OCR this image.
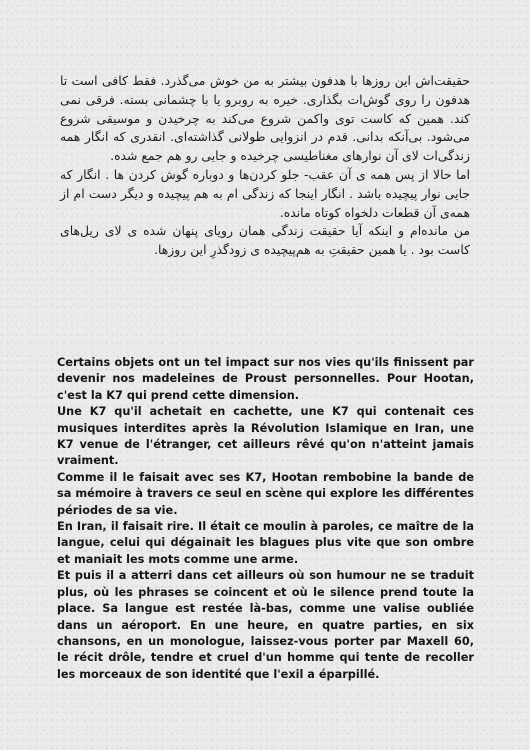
حقیقت‌اش این روزها با هدفون بیشتر به من خوش می‌گذرد. فقط کافی است تا هدفون را روی گوش‌ات بگذاری. خیره به روبرو یا با چشمانی بسته. فرقی نمی کند. همین که کاست توی واکمن شروع می‌کند به چرخیدن و موسیقی شروع می‌شود. بی‌آنکه بدانی. قدم در انزوایی طولانی گذاشته‌ای. انقدری که انگار همه زندگی‌ات لای آن نوارهای مغناطیسی چرخیده و جایی رو هم جمع شده.

اما حالا از پس همه ی آن عقب- جلو کردن‌ها و دوباره گوش کردن ها . انگار که جایی نوار پیچیده باشد . انگار اینجا که زندگی ام به هم پیچیده و دیگر دست ام از همه‌ی آن قطعات دلخواه کوتاه مانده.

من مانده‌ام و اینکه آیا حقیقت زندگی همان رویای پنهان شده‌ ی لای ریل‌های کاست بود . یا همین حقیقتِ به هم‌پیچیده ی زودگذرِ این روزها.

Certains objets ont un tel impact sur nos vies qu'ils finissent par devenir nos madeleines de Proust personnelles. Pour Hootan, c'est la K7 qui prend cette dimension.

Une K7 qu'il achetait en cachette, une K7 qui contenait ces musiques interdites après la Révolution Islamique en Iran, une K7 venue de l'étranger, cet ailleurs rêvé qu'on n'atteint jamais vraiment.

Comme il le faisait avec ses K7, Hootan rembobine la bande de sa mémoire à travers ce seul en scène qui explore les différentes périodes de sa vie.

En Iran, il faisait rire. Il était ce moulin à paroles, ce maître de la langue, celui qui dégainait les blagues plus vite que son ombre et maniait les mots comme une arme.

Et puis il a atterri dans cet ailleurs où son humour ne se traduit plus, où les phrases se coincent et où le silence prend toute la place. Sa langue est restée là-bas, comme une valise oubliée dans un aéroport. En une heure, en quatre parties, en six chansons, en un monologue, laissez-vous porter par Maxell 60, le récit drôle, tendre et cruel d'un homme qui tente de recoller les morceaux de son identité que l'exil a éparpillé.
